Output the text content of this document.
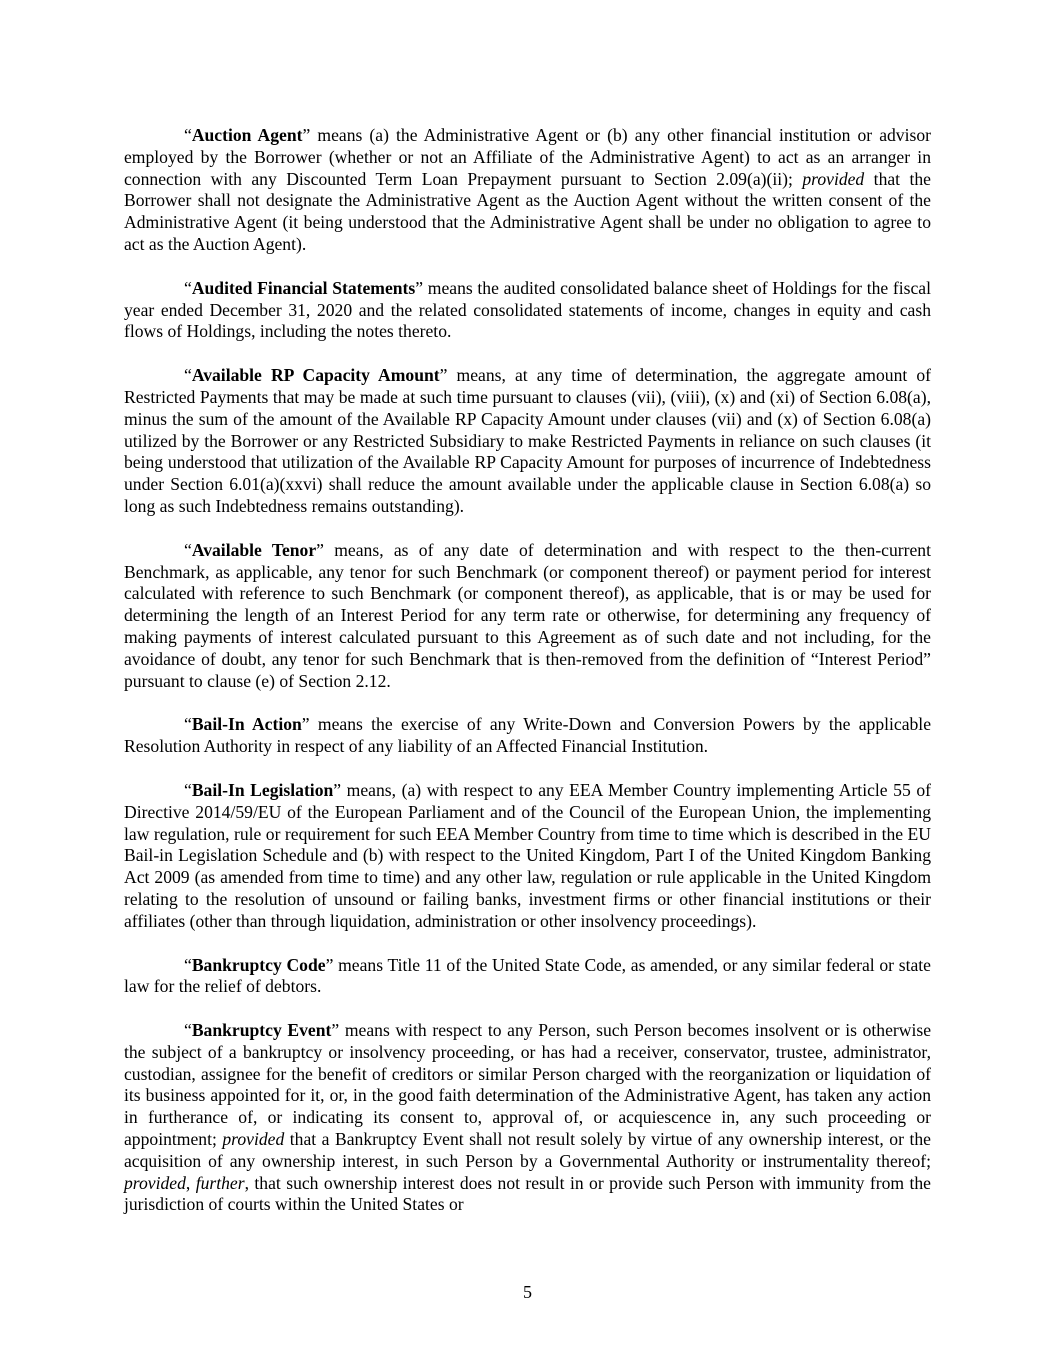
“Auction Agent” means (a) the Administrative Agent or (b) any other financial institution or advisor employed by the Borrower (whether or not an Affiliate of the Administrative Agent) to act as an arranger in connection with any Discounted Term Loan Prepayment pursuant to Section 2.09(a)(ii); provided that the Borrower shall not designate the Administrative Agent as the Auction Agent without the written consent of the Administrative Agent (it being understood that the Administrative Agent shall be under no obligation to agree to act as the Auction Agent).
“Audited Financial Statements” means the audited consolidated balance sheet of Holdings for the fiscal year ended December 31, 2020 and the related consolidated statements of income, changes in equity and cash flows of Holdings, including the notes thereto.
“Available RP Capacity Amount” means, at any time of determination, the aggregate amount of Restricted Payments that may be made at such time pursuant to clauses (vii), (viii), (x) and (xi) of Section 6.08(a), minus the sum of the amount of the Available RP Capacity Amount under clauses (vii) and (x) of Section 6.08(a) utilized by the Borrower or any Restricted Subsidiary to make Restricted Payments in reliance on such clauses (it being understood that utilization of the Available RP Capacity Amount for purposes of incurrence of Indebtedness under Section 6.01(a)(xxvi) shall reduce the amount available under the applicable clause in Section 6.08(a) so long as such Indebtedness remains outstanding).
“Available Tenor” means, as of any date of determination and with respect to the then-current Benchmark, as applicable, any tenor for such Benchmark (or component thereof) or payment period for interest calculated with reference to such Benchmark (or component thereof), as applicable, that is or may be used for determining the length of an Interest Period for any term rate or otherwise, for determining any frequency of making payments of interest calculated pursuant to this Agreement as of such date and not including, for the avoidance of doubt, any tenor for such Benchmark that is then-removed from the definition of “Interest Period” pursuant to clause (e) of Section 2.12.
“Bail-In Action” means the exercise of any Write-Down and Conversion Powers by the applicable Resolution Authority in respect of any liability of an Affected Financial Institution.
“Bail-In Legislation” means, (a) with respect to any EEA Member Country implementing Article 55 of Directive 2014/59/EU of the European Parliament and of the Council of the European Union, the implementing law regulation, rule or requirement for such EEA Member Country from time to time which is described in the EU Bail-in Legislation Schedule and (b) with respect to the United Kingdom, Part I of the United Kingdom Banking Act 2009 (as amended from time to time) and any other law, regulation or rule applicable in the United Kingdom relating to the resolution of unsound or failing banks, investment firms or other financial institutions or their affiliates (other than through liquidation, administration or other insolvency proceedings).
“Bankruptcy Code” means Title 11 of the United State Code, as amended, or any similar federal or state law for the relief of debtors.
“Bankruptcy Event” means with respect to any Person, such Person becomes insolvent or is otherwise the subject of a bankruptcy or insolvency proceeding, or has had a receiver, conservator, trustee, administrator, custodian, assignee for the benefit of creditors or similar Person charged with the reorganization or liquidation of its business appointed for it, or, in the good faith determination of the Administrative Agent, has taken any action in furtherance of, or indicating its consent to, approval of, or acquiescence in, any such proceeding or appointment; provided that a Bankruptcy Event shall not result solely by virtue of any ownership interest, or the acquisition of any ownership interest, in such Person by a Governmental Authority or instrumentality thereof; provided, further, that such ownership interest does not result in or provide such Person with immunity from the jurisdiction of courts within the United States or
5
